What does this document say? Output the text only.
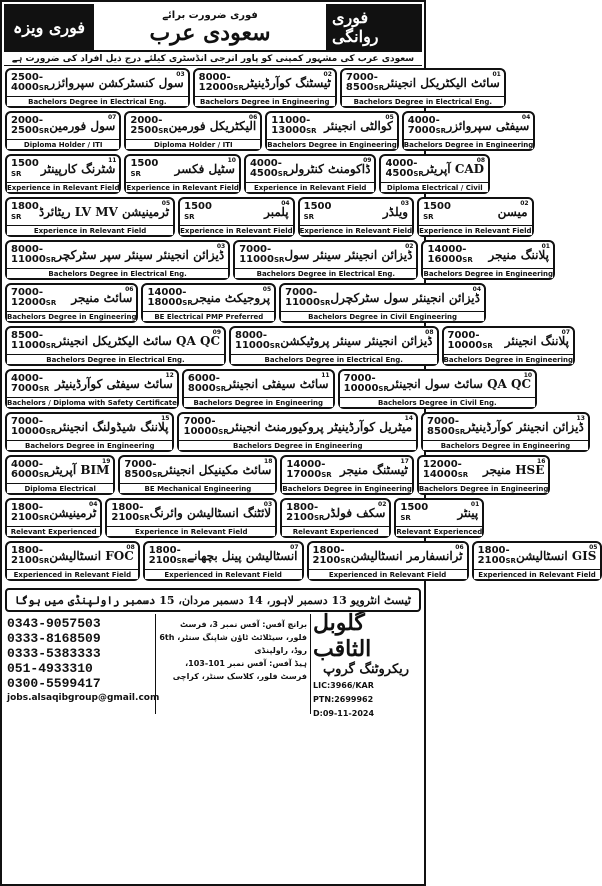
فوری ویزہ
فوری ضرورت برائے
سعودی عرب
فوری روانگی
سعودی عرب کی مشہور کمپنی کو پاور انرجی انڈسٹری کیلئے درج ذیل افراد کی ضرورت ہے
03
2500-
4000SR سول کنسٹرکشن سپروائزر
Bachelors Degree in Electrical Eng.
02
8000-
12000SR ٹیسٹنگ کوآرڈینیٹر
Bachelors Degree in Engineering
01
7000-
8500SR سائٹ الیکٹریکل انجینئر
Bachelors Degree in Electrical Eng.
07
2000-
2500SR سول فورمین
Diploma Holder / ITI
06
2000-
2500SR الیکٹریکل فورمین
Diploma Holder / ITI
05
11000-
13000SR کوالٹی انجینئر
Bachelors Degree in Engineering
04
4000-
7000SR سیفٹی سپروائزر
Bachelors Degree in Engineering
11
1500
SR	شٹرنگ کارپینٹر
Experience in Relevant Field
10
1500
SR	سٹیل فکسر
Experience in Relevant Field
09
4000-
4500SR ڈاکومنٹ کنٹرولر
Experience in Relevant Field
08
4000-
4500SR CAD آپریٹر
Diploma Electrical / Civil
05
1800
SR	ٹرمینیشن LV MV ریٹائرڈ
Experience in Relevant Field
04
1500
SR	پلمبر
Experience in Relevant Field
03
1500
SR	ویلڈر
Experience in Relevant Field
02
1500
SR	میسن
Experience in Relevant Field
03
8000-
11000SR ڈیزائن انجینئر سینئر سپر سٹرکچر
Bachelors Degree in Electrical Eng.
02
7000-
11000SR ڈیزائن انجینئر سینئر سول
Bachelors Degree in Electrical Eng.
01
14000-
16000SR پلاننگ منیجر
Bachelors Degree in Engineering
06
7000-
12000SR سائٹ منیجر
Bachelors Degree in Engineering
05
14000-
18000SR پروجیکٹ منیجر
BE Electrical PMP Preferred
04
7000-
11000SR ڈیزائن انجینئر سول سٹرکچرل
Bachelors Degree in Civil Engineering
09
8500-
11000SR QA QC سائٹ الیکٹریکل انجینئر
Bachelors Degree in Electrical Eng.
08
8000-
11000SR ڈیزائن انجینئر سینئر پروٹیکشن
Bachelors Degree in Electrical Eng.
07
7000-
10000SR پلاننگ انجینئر
Bachelors Degree in Engineering
12
4000-
7000SR سائٹ سیفٹی کوآرڈینیٹر
Bachelors / Diploma with Safety Certificate
11
6000-
8000SR سائٹ سیفٹی انجینئر
Bachelors Degree in Engineering
10
7000-
10000SR QA QC سائٹ سول انجینئر
Bachelors Degree in Civil Eng.
15
7000-
10000SR پلاننگ شیڈولنگ انجینئر
Bachelors Degree in Engineering
14
7000-
10000SR میٹریل کوآرڈینیٹر پروکیورمنٹ انجینئر
Bachelors Degree in Engineering
13
7000-
8500SR ڈیزائن انجینئر کوآرڈینیٹر
Bachelors Degree in Engineering
19
4000-
6000SR BIM آپریٹر
Diploma Electrical
18
7000-
8500SR سائٹ مکینیکل انجینئر
BE Mechanical Engineering
17
14000-
17000SR ٹیسٹنگ منیجر
Bachelors Degree in Engineering
16
12000-
14000SR HSE منیجر
Bachelors Degree in Engineering
04
1800-
2100SR ٹرمینیشن
Relevant Experienced
03
1800-
2100SR لائٹنگ انسٹالیشن وائرنگ
Experience in Relevant Field
02
1800-
2100SR سکف فولڈر
Relevant Experienced
01
1500
SR	پینٹر
Relevant Experienced
08
1800-
2100SR FOC انسٹالیشن
Experienced in Relevant Field
07
1800-
2100SR انسٹالیشن پینل بچھانے
Experienced in Relevant Field
06
1800-
2100SR ٹرانسفارمر انسٹالیشن
Experienced in Relevant Field
05
1800-
2100SR GIS انسٹالیشن
Experienced in Relevant Field
ٹیسٹ انٹرویو 13 دسمبر لاہور، 14 دسمبر مردان، 15 دسمبر راولپنڈی میں ہوگا
0343-9057503
0333-8168509
0333-5383333
051-4933310
0300-5599417
jobs.alsaqibgroup@gmail.com
برانچ آفس: آفس نمبر 3، فرسٹ فلور، سیٹلائٹ ٹاؤن شاپنگ سنٹر، 6th روڈ، راولپنڈی
ہیڈ آفس: آفس نمبر 101-103، فرسٹ فلور، کلاسک سنٹر، کراچی
گلوبل الثاقب
ریکروٹنگ گروپ
LIC:3966/KAR
PTN:2699962
D:09-11-2024
